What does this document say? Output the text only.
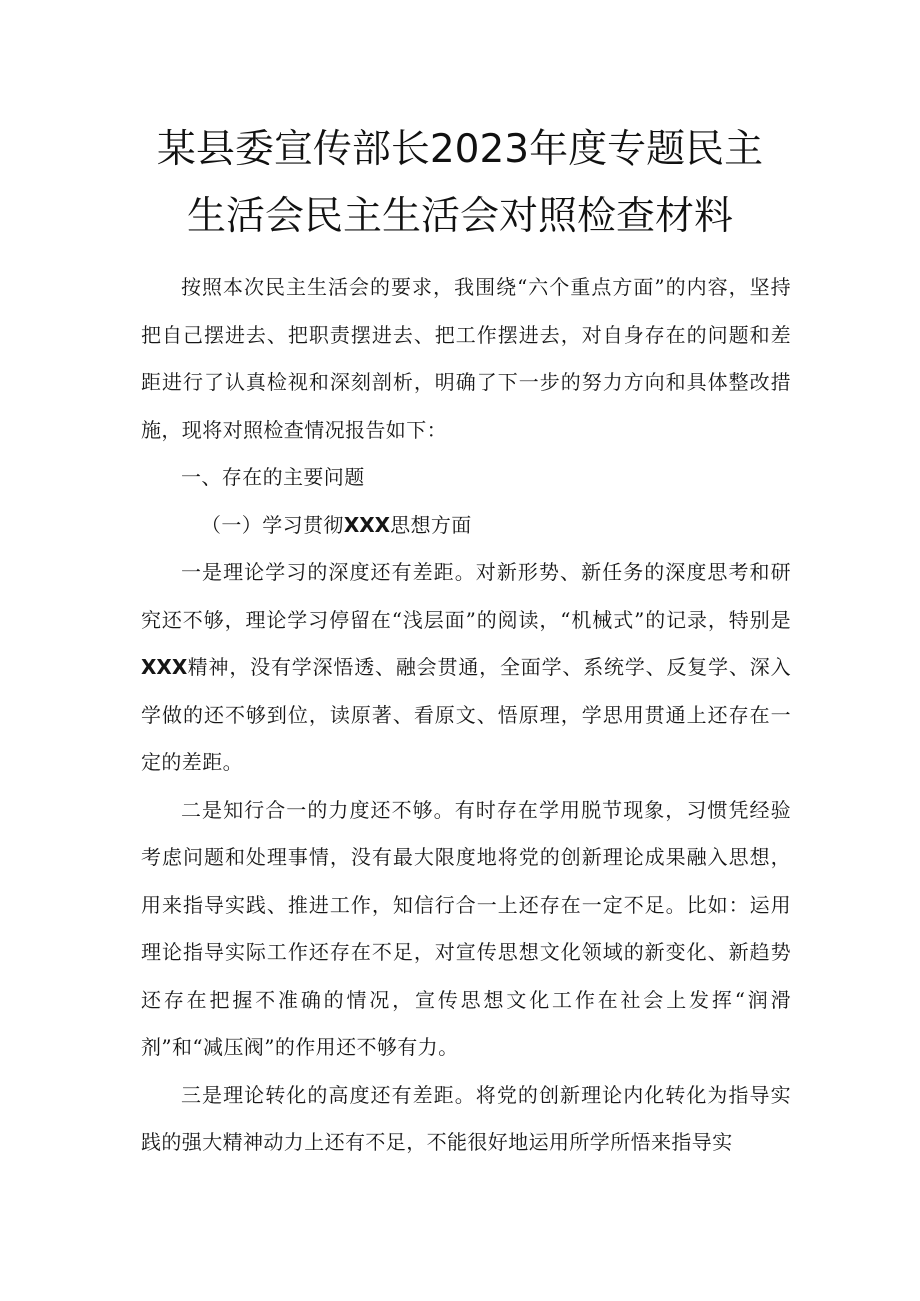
某县委宣传部长2023年度专题民主
生活会民主生活会对照检查材料

按照本次民主生活会的要求，我围绕“六个重点方面”的内容，坚持把自己摆进去、把职责摆进去、把工作摆进去，对自身存在的问题和差距进行了认真检视和深刻剖析，明确了下一步的努力方向和具体整改措施，现将对照检查情况报告如下：

一、存在的主要问题

（一）学习贯彻XXX思想方面

一是理论学习的深度还有差距。对新形势、新任务的深度思考和研究还不够，理论学习停留在“浅层面”的阅读，“机械式”的记录，特别是XXX精神，没有学深悟透、融会贯通，全面学、系统学、反复学、深入学做的还不够到位，读原著、看原文、悟原理，学思用贯通上还存在一定的差距。

二是知行合一的力度还不够。有时存在学用脱节现象，习惯凭经验考虑问题和处理事情，没有最大限度地将党的创新理论成果融入思想，用来指导实践、推进工作，知信行合一上还存在一定不足。比如：运用理论指导实际工作还存在不足，对宣传思想文化领域的新变化、新趋势还存在把握不准确的情况，宣传思想文化工作在社会上发挥“润滑剂”和“减压阀”的作用还不够有力。

三是理论转化的高度还有差距。将党的创新理论内化转化为指导实践的强大精神动力上还有不足，不能很好地运用所学所悟来指导实
